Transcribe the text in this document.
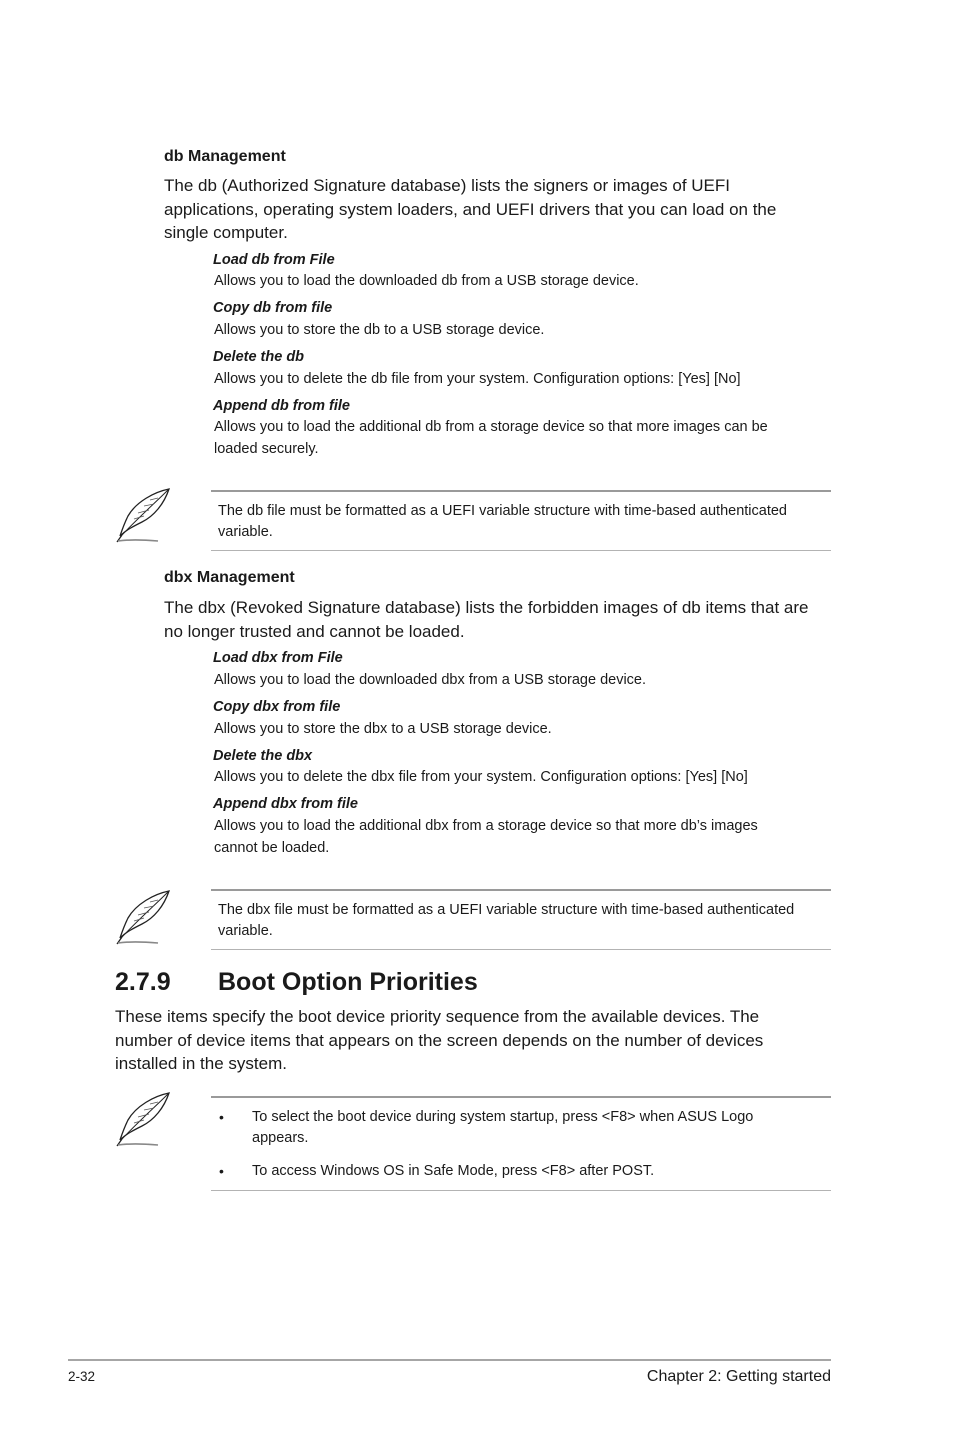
db Management
The db (Authorized Signature database) lists the signers or images of UEFI
applications, operating system loaders, and UEFI drivers that you can load on the
single computer.
Load db from File
Allows you to load the downloaded db from a USB storage device.
Copy db from file
Allows you to store the db to a USB storage device.
Delete the db
Allows you to delete the db file from your system. Configuration options: [Yes] [No]
Append db from file
Allows you to load the additional db from a storage device so that more images can be
loaded securely.
The db file must be formatted as a UEFI variable structure with time-based authenticated
variable.
dbx Management
The dbx (Revoked Signature database) lists the forbidden images of db items that are
no longer trusted and cannot be loaded.
Load dbx from File
Allows you to load the downloaded dbx from a USB storage device.
Copy dbx from file
Allows you to store the dbx to a USB storage device.
Delete the dbx
Allows you to delete the dbx file from your system. Configuration options: [Yes] [No]
Append dbx from file
Allows you to load the additional dbx from a storage device so that more db’s images
cannot be loaded.
The dbx file must be formatted as a UEFI variable structure with time-based authenticated
variable.
2.7.9 Boot Option Priorities
These items specify the boot device priority sequence from the available devices. The
number of device items that appears on the screen depends on the number of devices
installed in the system.
• To select the boot device during system startup, press <F8> when ASUS Logo
appears.
• To access Windows OS in Safe Mode, press <F8> after POST.
2-32	Chapter 2: Getting started
